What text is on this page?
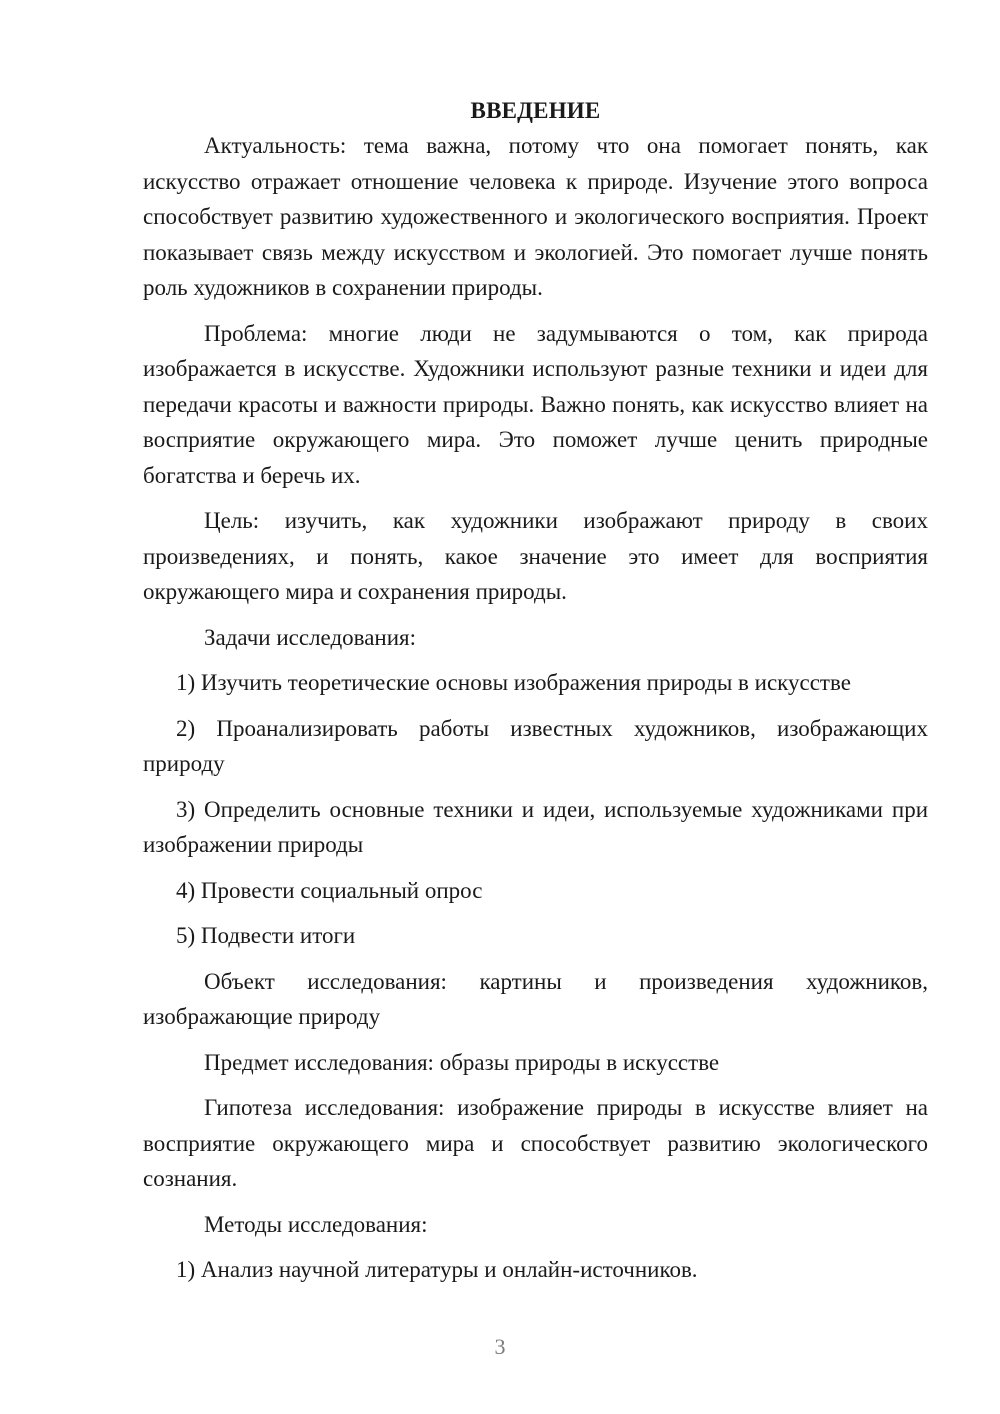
ВВЕДЕНИЕ

Актуальность: тема важна, потому что она помогает понять, как искусство отражает отношение человека к природе. Изучение этого вопроса способствует развитию художественного и экологического восприятия. Проект показывает связь между искусством и экологией. Это помогает лучше понять роль художников в сохранении природы.

Проблема: многие люди не задумываются о том, как природа изображается в искусстве. Художники используют разные техники и идеи для передачи красоты и важности природы. Важно понять, как искусство влияет на восприятие окружающего мира. Это поможет лучше ценить природные богатства и беречь их.

Цель: изучить, как художники изображают природу в своих произведениях, и понять, какое значение это имеет для восприятия окружающего мира и сохранения природы.

Задачи исследования:

1) Изучить теоретические основы изображения природы в искусстве

2) Проанализировать работы известных художников, изображающих природу

3) Определить основные техники и идеи, используемые художниками при изображении природы

4) Провести социальный опрос

5) Подвести итоги

Объект исследования: картины и произведения художников, изображающие природу

Предмет исследования: образы природы в искусстве

Гипотеза исследования: изображение природы в искусстве влияет на восприятие окружающего мира и способствует развитию экологического сознания.

Методы исследования:

1) Анализ научной литературы и онлайн-источников.

3
